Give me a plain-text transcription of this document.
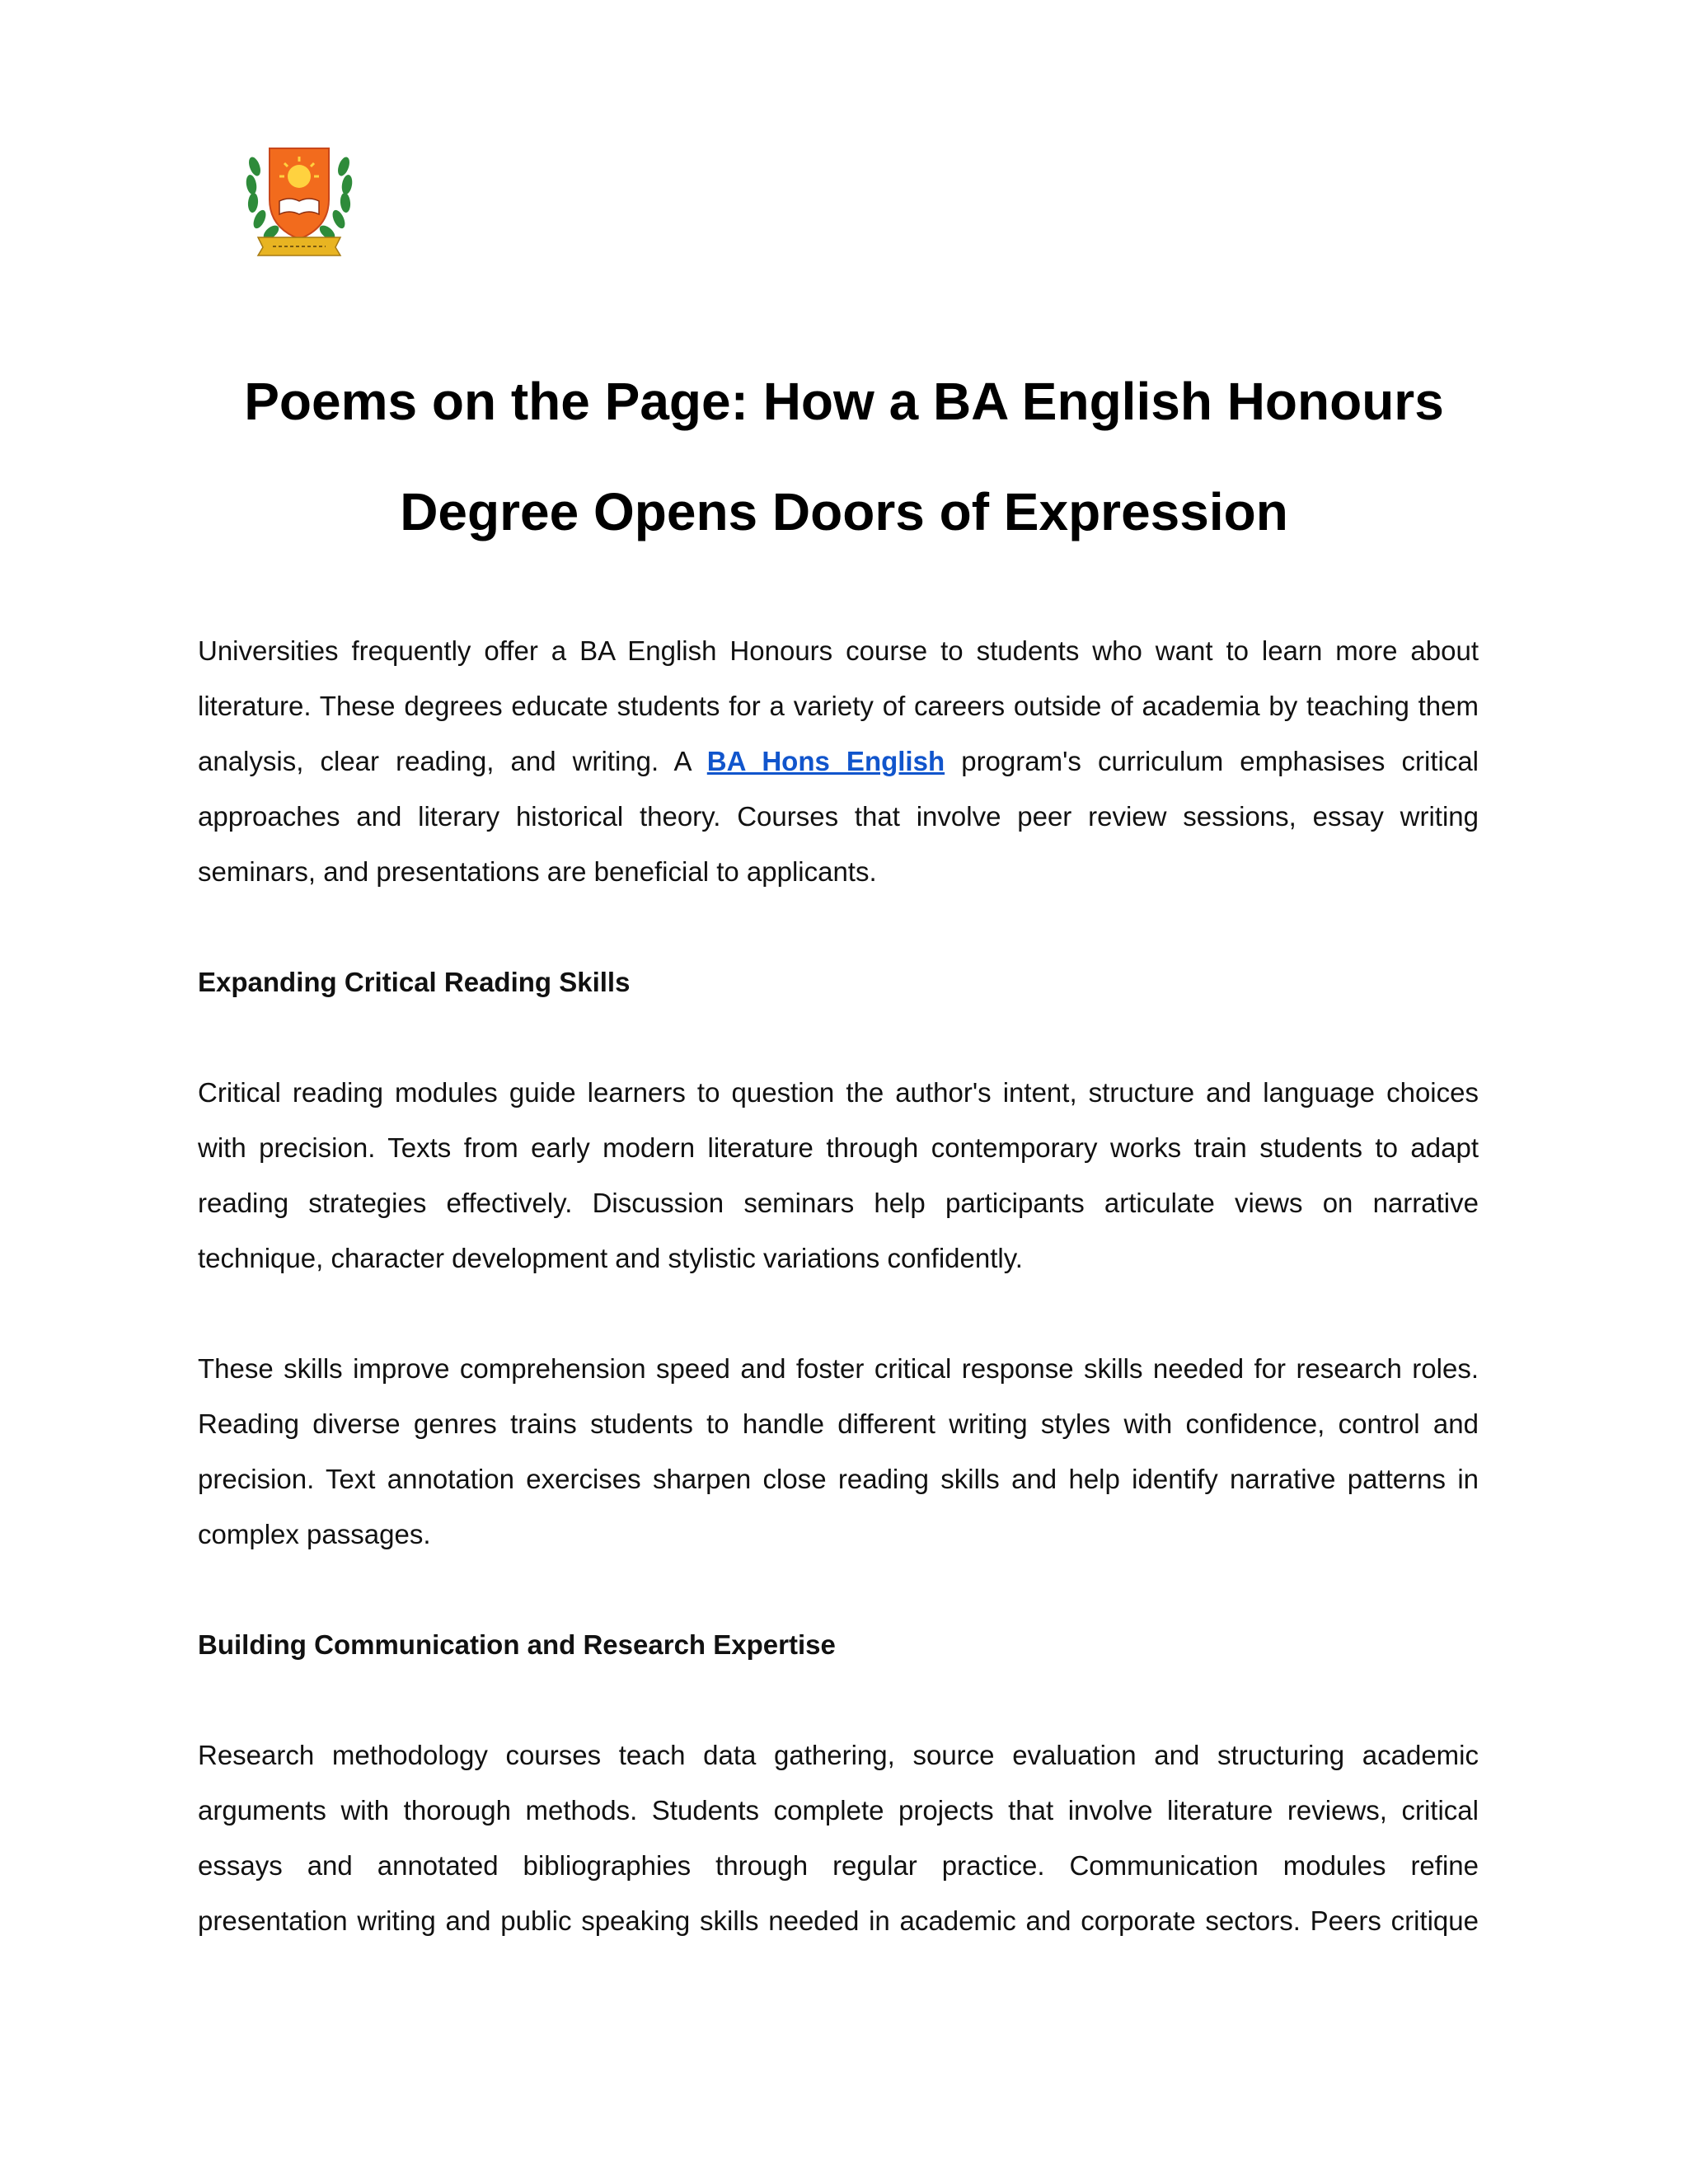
Poems on the Page: How a BA English Honours
Degree Opens Doors of Expression

Universities frequently offer a BA English Honours course to students who want to learn more about literature. These degrees educate students for a variety of careers outside of academia by teaching them analysis, clear reading, and writing. A BA Hons English program's curriculum emphasises critical approaches and literary historical theory. Courses that involve peer review sessions, essay writing seminars, and presentations are beneficial to applicants.

Expanding Critical Reading Skills

Critical reading modules guide learners to question the author's intent, structure and language choices with precision. Texts from early modern literature through contemporary works train students to adapt reading strategies effectively. Discussion seminars help participants articulate views on narrative technique, character development and stylistic variations confidently.

These skills improve comprehension speed and foster critical response skills needed for research roles. Reading diverse genres trains students to handle different writing styles with confidence, control and precision. Text annotation exercises sharpen close reading skills and help identify narrative patterns in complex passages.

Building Communication and Research Expertise

Research methodology courses teach data gathering, source evaluation and structuring academic arguments with thorough methods. Students complete projects that involve literature reviews, critical essays and annotated bibliographies through regular practice. Communication modules refine presentation writing and public speaking skills needed in academic and corporate sectors. Peers critique
